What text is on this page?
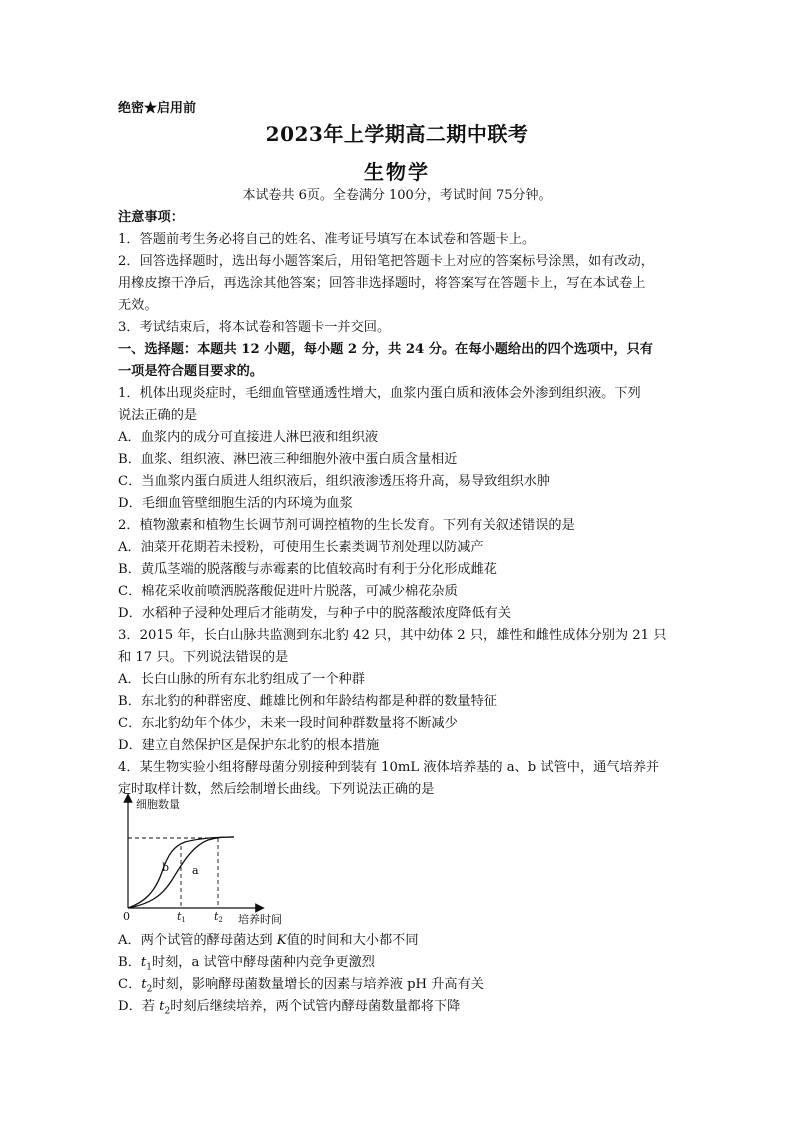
绝密★启用前
2023年上学期高二期中联考
生物学
本试卷共 6页。全卷满分 100分，考试时间 75分钟。
注意事项：
1．答题前考生务必将自己的姓名、准考证号填写在本试卷和答题卡上。
2．回答选择题时，选出每小题答案后，用铅笔把答题卡上对应的答案标号涂黑，如有改动，
用橡皮擦干净后，再选涂其他答案；回答非选择题时，将答案写在答题卡上，写在本试卷上
无效。
3．考试结束后，将本试卷和答题卡一并交回。
一、选择题：本题共 12 小题，每小题 2 分，共 24 分。在每小题给出的四个选项中，只有
一项是符合题目要求的。
1．机体出现炎症时，毛细血管壁通透性增大，血浆内蛋白质和液体会外渗到组织液。下列
说法正确的是
A．血浆内的成分可直接进人淋巴液和组织液
B．血浆、组织液、淋巴液三种细胞外液中蛋白质含量相近
C．当血浆内蛋白质进人组织液后，组织液渗透压将升高，易导致组织水肿
D．毛细血管壁细胞生活的内环境为血浆
2．植物激素和植物生长调节剂可调控植物的生长发育。下列有关叙述错误的是
A．油菜开花期若未授粉，可使用生长素类调节剂处理以防减产
B．黄瓜茎端的脱落酸与赤霉素的比值较高时有利于分化形成雌花
C．棉花采收前喷洒脱落酸促进叶片脱落，可减少棉花杂质
D．水稻种子浸种处理后才能萌发，与种子中的脱落酸浓度降低有关
3．2015 年，长白山脉共监测到东北豹 42 只，其中幼体 2 只，雄性和雌性成体分别为 21 只
和 17 只。下列说法错误的是
A．长白山脉的所有东北豹组成了一个种群
B．东北豹的种群密度、雌雄比例和年龄结构都是种群的数量特征
C．东北豹幼年个体少，未来一段时间种群数量将不断减少
D．建立自然保护区是保护东北豹的根本措施
4．某生物实验小组将酵母菌分别接种到装有 10mL 液体培养基的 a、b 试管中，通气培养并
定时取样计数，然后绘制增长曲线。下列说法正确的是
细胞数量
培养时间
0
b a
t1	t2
A．两个试管的酵母菌达到 K值的时间和大小都不同
B．$t_1$时刻，a 试管中酵母菌种内竞争更激烈
C．$t_2$时刻，影响酵母菌数量增长的因素与培养液 pH 升高有关
D．若 $t_2$时刻后继续培养，两个试管内酵母菌数量都将下降
